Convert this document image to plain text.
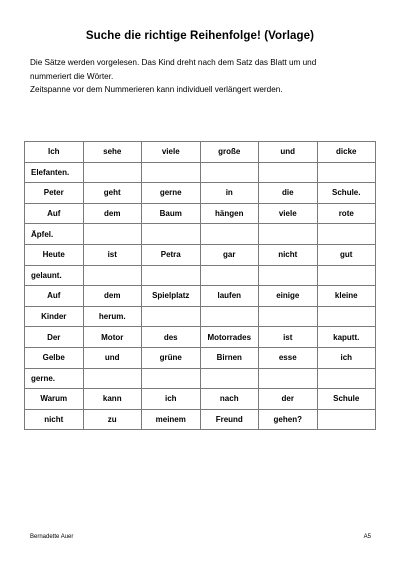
Suche die richtige Reihenfolge! (Vorlage)
Die Sätze werden vorgelesen. Das Kind dreht nach dem Satz das Blatt um und
nummeriert die Wörter.
Zeitspanne vor dem Nummerieren kann individuell verlängert werden.
Ich	sehe	viele	große	und	dicke
Elefanten.					
Peter	geht	gerne	in	die	Schule.
Auf	dem	Baum	hängen	viele	rote
Äpfel.					
Heute	ist	Petra	gar	nicht	gut
gelaunt.					
Auf	dem	Spielplatz	laufen	einige	kleine
Kinder	herum.				
Der	Motor	des	Motorrades	ist	kaputt.
Gelbe	und	grüne	Birnen	esse	ich
gerne.					
Warum	kann	ich	nach	der	Schule
nicht	zu	meinem	Freund	gehen?	
Bernadette Auer	A5
